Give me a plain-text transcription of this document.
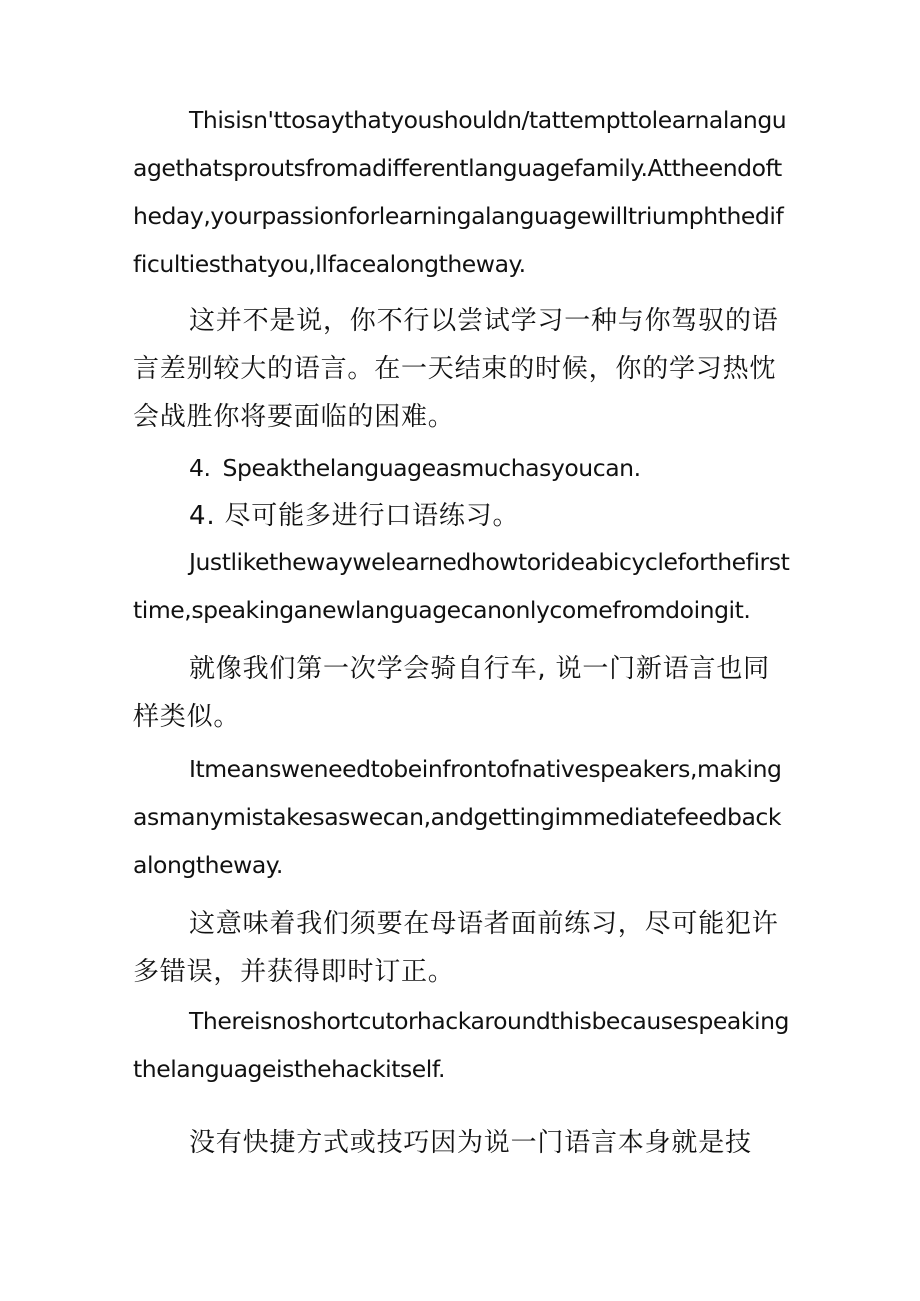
Thisisn'ttosaythatyoushouldn/tattempttolearnalanguagethatsproutsfromadifferentlanguagefamily.Attheendoftheday,yourpassionforlearningalanguagewilltriumphthedifficultiesthatyou,llfacealongtheway.

这并不是说，你不行以尝试学习一种与你驾驭的语言差别较大的语言。在一天结束的时候，你的学习热忱会战胜你将要面临的困难。

4. Speakthelanguageasmuchasyoucan.

4. 尽可能多进行口语练习。

Justlikethewaywelearnedhowtorideabicycleforthefirsttime,speakinganewlanguagecanonlycomefromdoingit.

就像我们第一次学会骑自行车, 说一门新语言也同样类似。

Itmeansweneedtobeinfrontofnativespeakers,makingasmanymistakesaswecan,andgettingimmediatefeedbackalongtheway.

这意味着我们须要在母语者面前练习，尽可能犯许多错误，并获得即时订正。

Thereisnoshortcutorhackaroundthisbecausespeakingthelanguageisthehackitself.

没有快捷方式或技巧因为说一门语言本身就是技
